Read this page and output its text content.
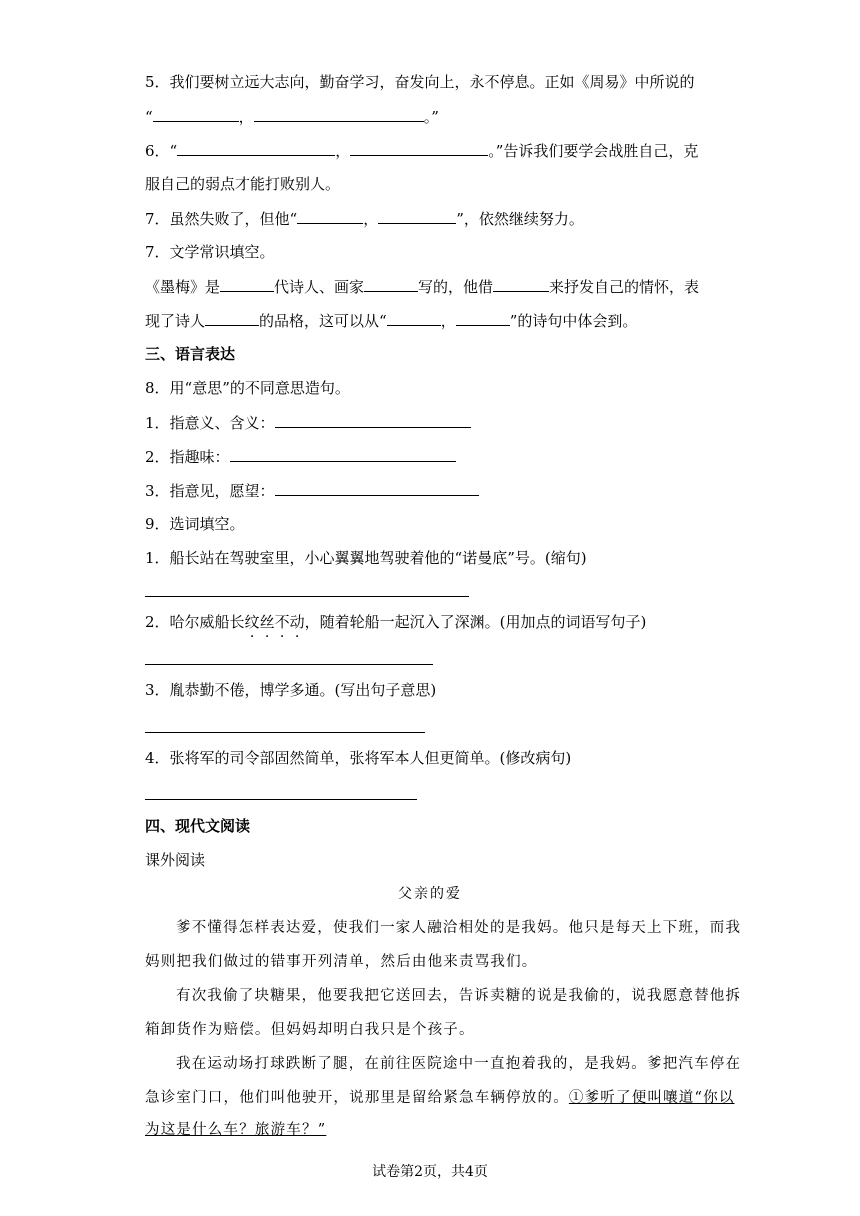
5．我们要树立远大志向，勤奋学习，奋发向上，永不停息。正如《周易》中所说的
“	，	。”
6．“	，	。”告诉我们要学会战胜自己，克
服自己的弱点才能打败别人。
7．虽然失败了，但他“	，	”，依然继续努力。
7．文学常识填空。
《墨梅》是	代诗人、画家	写的，他借	来抒发自己的情怀，表
现了诗人	的品格，这可以从“	，	”的诗句中体会到。
三、语言表达
8．用“意思”的不同意思造句。
1．指意义、含义：
2．指趣味：
3．指意见，愿望：
9．选词填空。
1．船长站在驾驶室里，小心翼翼地驾驶着他的“诺曼底”号。(缩句)
2．哈尔威船长纹丝不动，随着轮船一起沉入了深渊。(用加点的词语写句子)
3．胤恭勤不倦，博学多通。(写出句子意思)
4．张将军的司令部固然简单，张将军本人但更简单。(修改病句)
四、现代文阅读
课外阅读
父亲的爱
爹不懂得怎样表达爱，使我们一家人融洽相处的是我妈。他只是每天上下班，而我
妈则把我们做过的错事开列清单，然后由他来责骂我们。
有次我偷了块糖果，他要我把它送回去，告诉卖糖的说是我偷的，说我愿意替他拆
箱卸货作为赔偿。但妈妈却明白我只是个孩子。
我在运动场打球跌断了腿，在前往医院途中一直抱着我的，是我妈。爹把汽车停在
急诊室门口，他们叫他驶开，说那里是留给紧急车辆停放的。①爹听了便叫嚷道“你以
为这是什么车？旅游车？”
试卷第2页，共4页
